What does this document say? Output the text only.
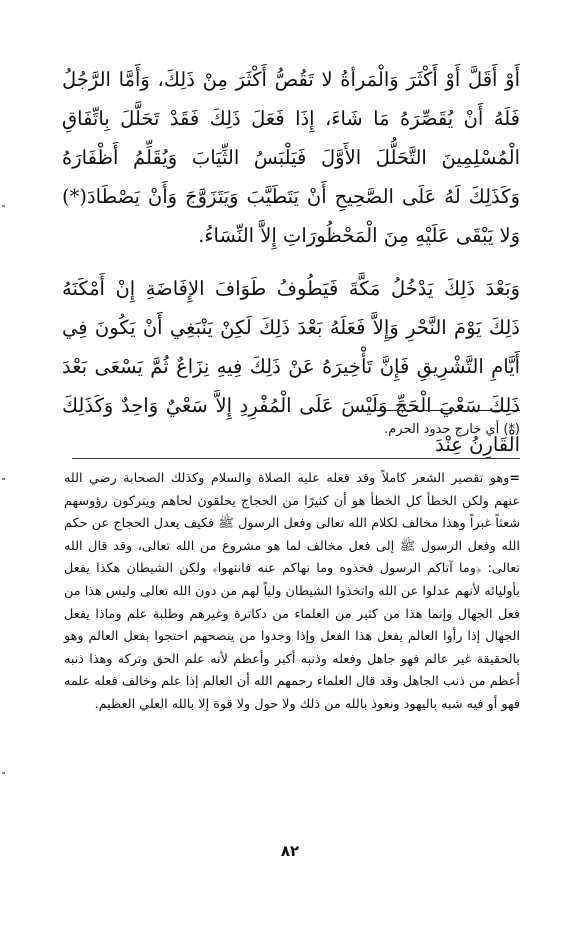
أَوْ أَقَلَّ أَوْ أَكْثَرَ وَالْمَرأةُ لا تَقُصُّ أَكْثَرَ مِنْ ذَلِكَ، وَأَمَّا الرَّجُلُ فَلَهُ أَنْ يُقَصِّرَهُ مَا شَاءَ، إِذَا فَعَلَ ذَلِكَ فَقَدْ تَحَلَّلَ بِاتِّفَاقِ الْمُسْلِمِينَ التَّحَلُّلَ الأَوَّلَ فَيَلْبَسُ الثِّيَابَ وَيُقَلِّمُ أَظْفَارَهُ وَكَذَلِكَ لَهُ عَلَى الصَّحِيحِ أَنْ يَتَطَيَّبَ وَيَتَزَوَّجَ وَأَنْ يَصْطَادَ(*) وَلا يَبْقَى عَلَيْهِ مِنَ الْمَحْظُورَاتِ إِلاَّ النِّسَاءُ.

وَبَعْدَ ذَلِكَ يَدْخُلُ مَكَّةَ فَيَطُوفُ طَوَافَ الإِفَاضَةِ إِنْ أَمْكَنَهُ ذَلِكَ يَوْمَ النَّحْرِ وَإِلاَّ فَعَلَهُ بَعْدَ ذَلِكَ لَكِنْ يَنْبَغِي أَنْ يَكُونَ فِي أَيَّامِ التَّشْرِيقِ فَإِنَّ تَأْخِيرَهُ عَنْ ذَلِكَ فِيهِ نِزَاعٌ ثُمَّ يَسْعَى بَعْدَ ذَلِكَ سَعْيَ الْحَجِّ وَلَيْسَ عَلَى الْمُفْرِدِ إِلاَّ سَعْيٌ وَاحِدٌ وَكَذَلِكَ الْقَارِنُ عِنْدَ

(*) أي خارج حدود الحرم.

=وهو تقصير الشعر كاملاً وقد فعله عليه الصلاة والسلام وكذلك الصحابة رضي الله عنهم ولكن الخطأ كل الخطأ هو أن كثيرًا من الحجاج يحلقون لحاهم ويتركون رؤوسهم شعثاً غبراً وهذا مخالف لكلام الله تعالى وفعل الرسول ﷺ فكيف يعدل الحجاج عن حكم الله وفعل الرسول ﷺ إلى فعل مخالف لما هو مشروع من الله تعالى، وقد قال الله تعالى: ﴿وما آتاكم الرسول فخذوه وما نهاكم عنه فانتهوا﴾ ولكن الشيطان هكذا يفعل بأوليائه لأنهم عدلوا عن الله واتخذوا الشيطان ولياً لهم من دون الله تعالى وليس هذا من فعل الجهال وإنما هذا من كثير من العلماء من دكاترة وغيرهم وطلبة علم وماذا يفعل الجهال إذا رأوا العالم يفعل هذا الفعل وإذا وجدوا من ينصحهم احتجوا بفعل العالم وهو بالحقيقة غير عالم فهو جاهل وفعله وذنبه أكبر وأعظم لأنه علم الحق وتركه وهذا ذنبه أعظم من ذنب الجاهل وقد قال العلماء رحمهم الله أن العالم إذا علم وخالف فعله علمه فهو أو فيه شبه باليهود ونعوذ بالله من ذلك ولا حول ولا قوة إلا بالله العلي العظيم.

٨٢
